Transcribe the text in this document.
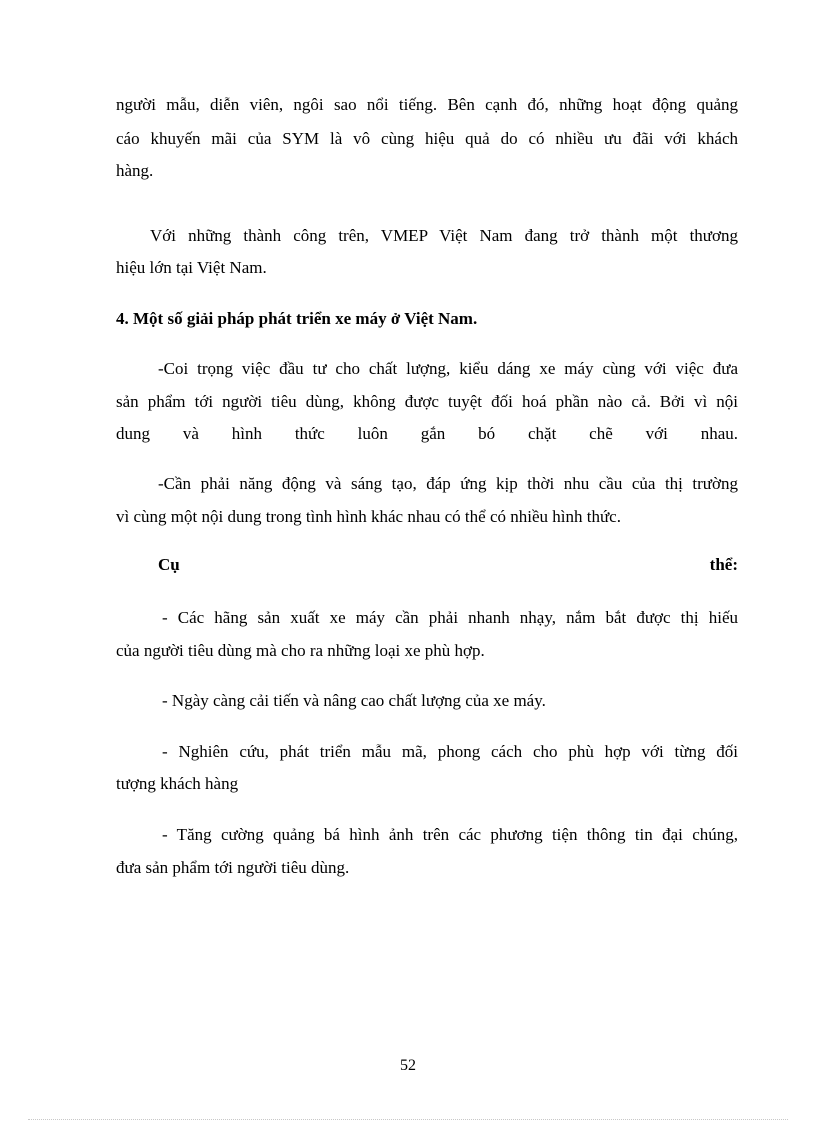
người mẫu, diễn viên, ngôi sao nổi tiếng. Bên cạnh đó, những hoạt động quảng
cáo khuyến mãi của SYM là vô cùng hiệu quả do có nhiều ưu đãi với khách
hàng.
Với những thành công trên, VMEP Việt Nam đang trở thành một thương
hiệu lớn tại Việt Nam.
4. Một số giải pháp phát triển xe máy ở Việt Nam.
-Coi trọng việc đầu tư cho chất lượng, kiểu dáng xe máy cùng với việc đưa
sản phẩm tới người tiêu dùng, không được tuyệt đối hoá phần nào cả. Bởi vì nội
dung và hình thức luôn gắn bó chặt chẽ với nhau.
-Cần phải năng động và sáng tạo, đáp ứng kịp thời nhu cầu của thị trường
vì cùng một nội dung trong tình hình khác nhau có thể có nhiều hình thức.
Cụ	thể:
- Các hãng sản xuất xe máy cần phải nhanh nhạy, nắm bắt được thị hiếu
của người tiêu dùng mà cho ra những loại xe phù hợp.
- Ngày càng cải tiến và nâng cao chất lượng của xe máy.
- Nghiên cứu, phát triển mẫu mã, phong cách cho phù hợp với từng đối
tượng khách hàng
- Tăng cường quảng bá hình ảnh trên các phương tiện thông tin đại chúng,
đưa sản phẩm tới người tiêu dùng.
52
